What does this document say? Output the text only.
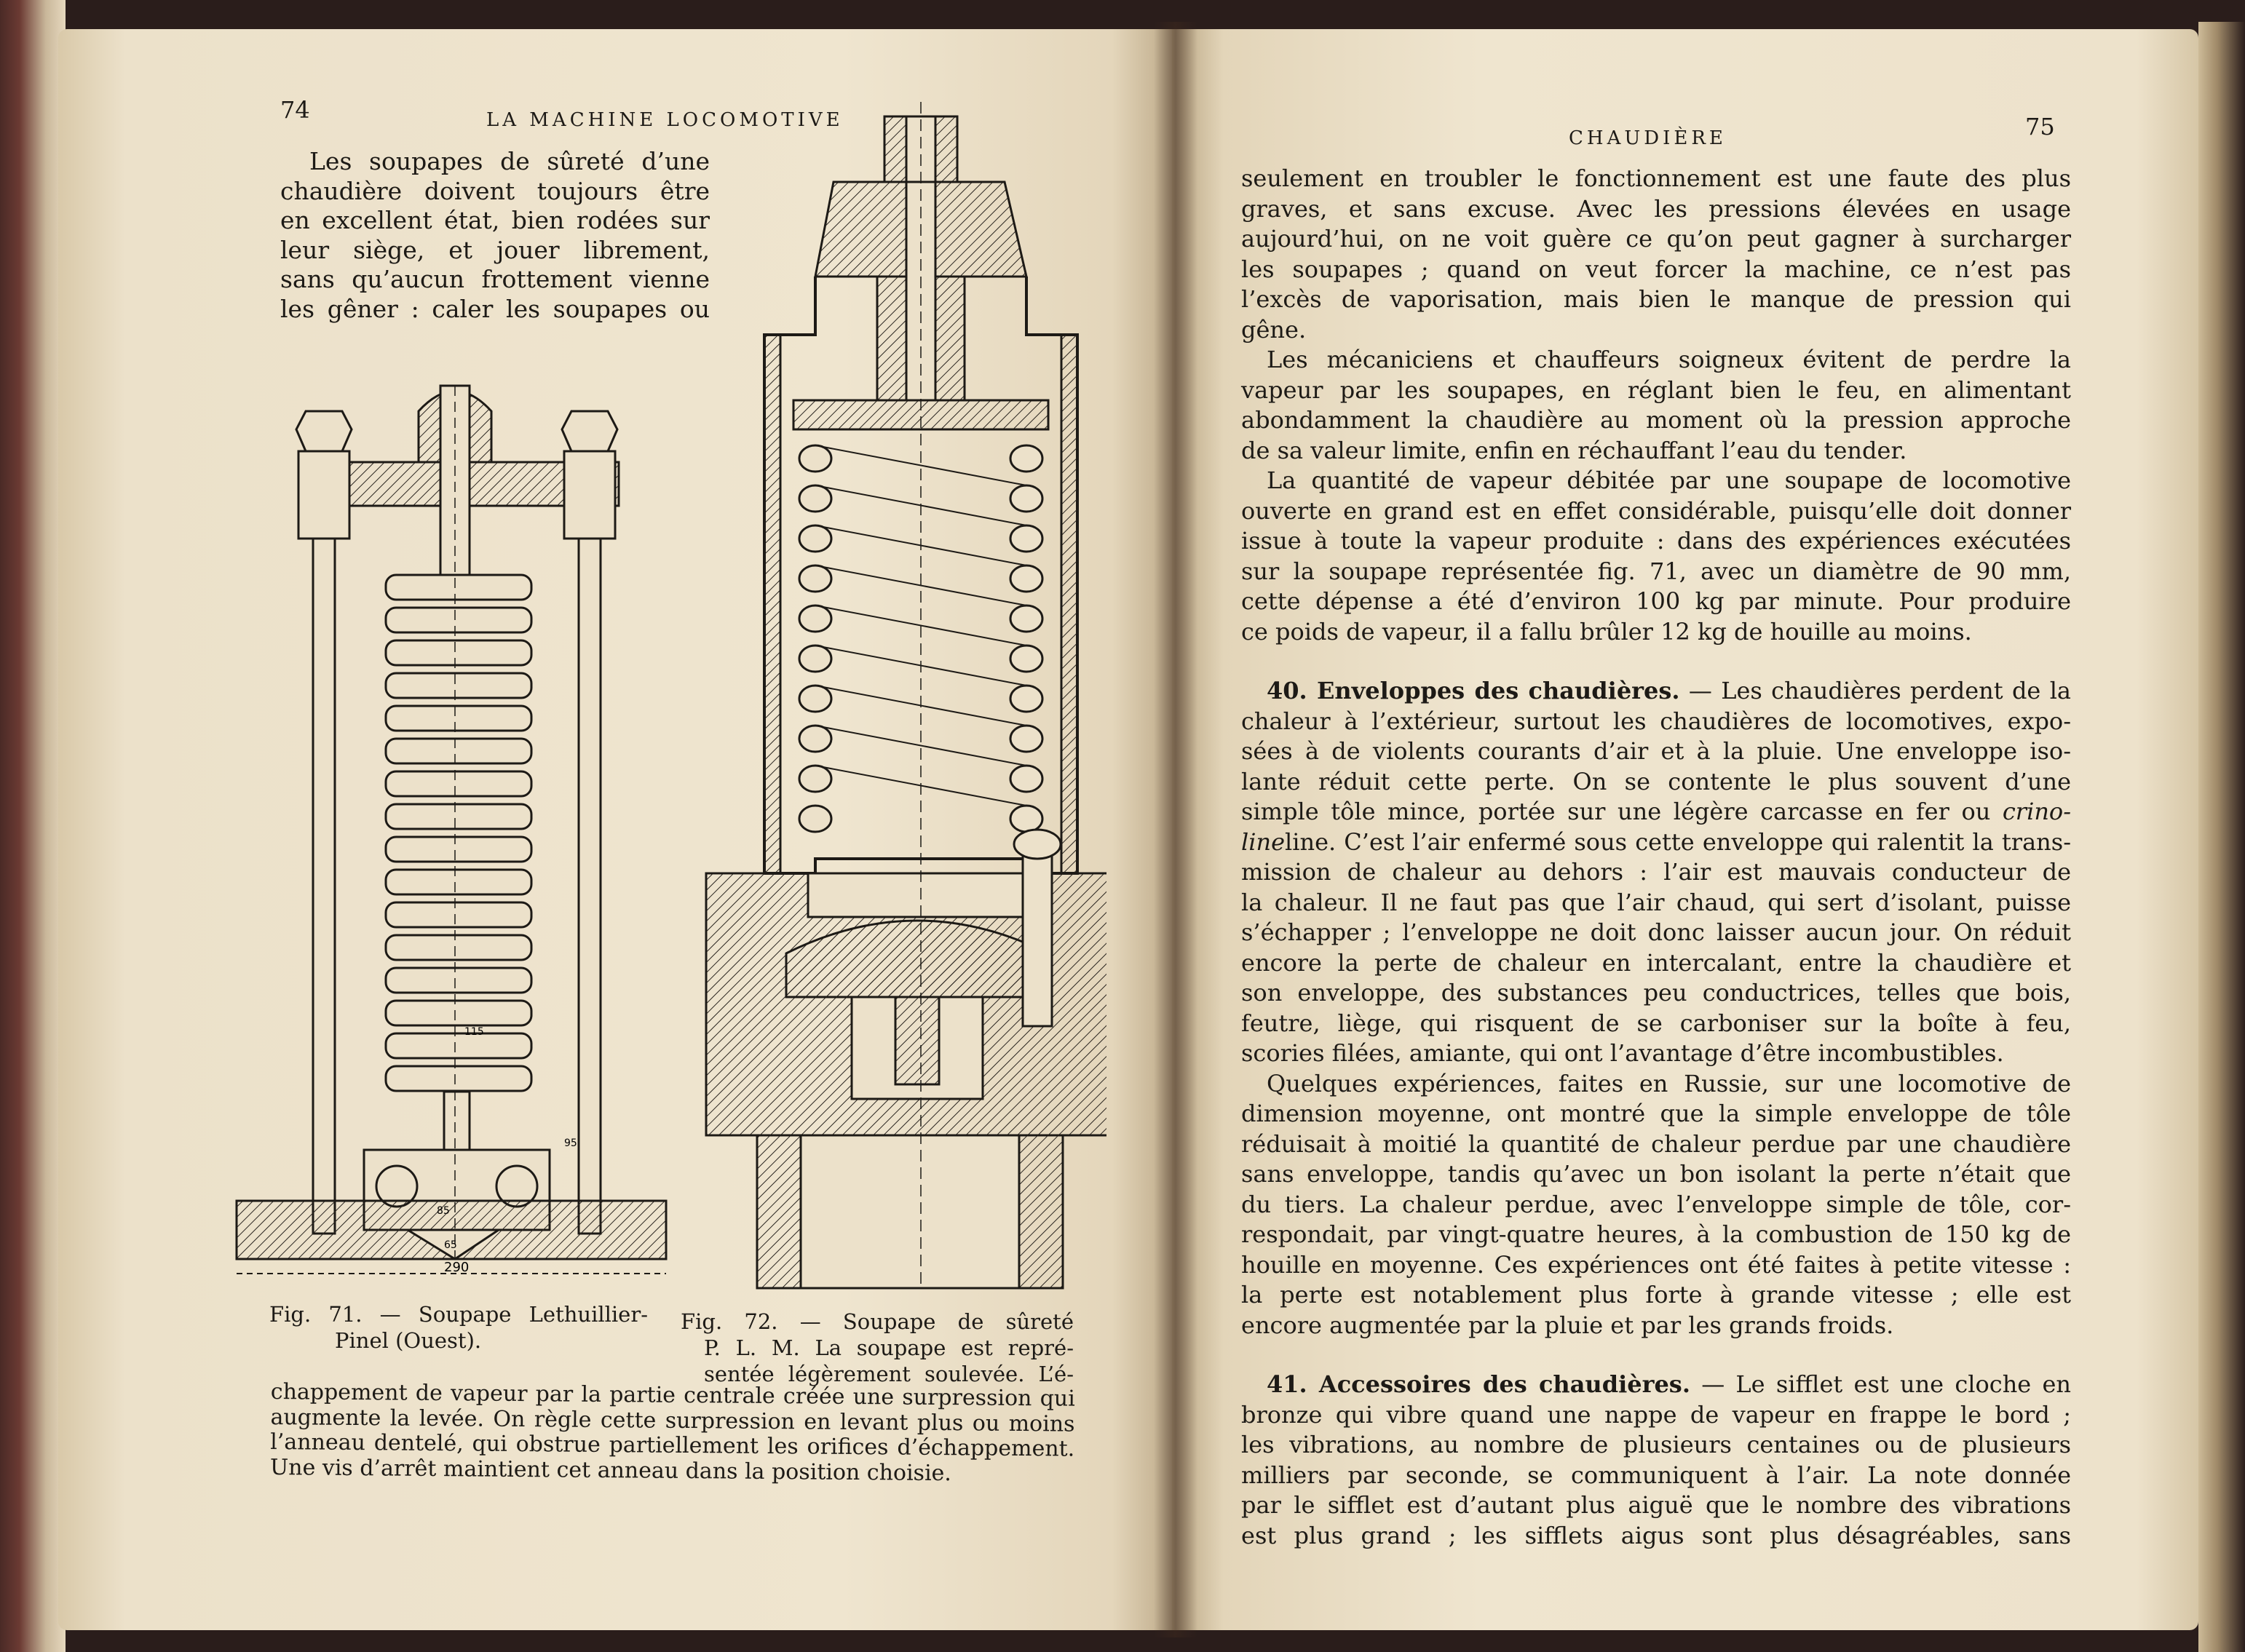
74	LA MACHINE LOCOMOTIVE
Les soupapes de sûreté d’une
chaudière doivent toujours être
en excellent état, bien rodées sur
leur siège, et jouer librement,
sans qu’aucun frottement vienne
les gêner : caler les soupapes ou
290
115
85
65
95
Fig. 71. — Soupape Lethuillier-
Pinel (Ouest).
Fig. 72. — Soupape de sûreté
P. L. M. La soupape est repré-
sentée légèrement soulevée. L’é-
chappement de vapeur par la partie centrale créée une surpression qui
augmente la levée. On règle cette surpression en levant plus ou moins
l’anneau dentelé, qui obstrue partiellement les orifices d’échappement.
Une vis d’arrêt maintient cet anneau dans la position choisie.
CHAUDIÈRE	75
seulement en troubler le fonctionnement est une faute des plus
graves, et sans excuse. Avec les pressions élevées en usage
aujourd’hui, on ne voit guère ce qu’on peut gagner à surcharger
les soupapes ; quand on veut forcer la machine, ce n’est pas
l’excès de vaporisation, mais bien le manque de pression qui
gêne.
Les mécaniciens et chauffeurs soigneux évitent de perdre la
vapeur par les soupapes, en réglant bien le feu, en alimentant
abondamment la chaudière au moment où la pression approche
de sa valeur limite, enfin en réchauffant l’eau du tender.
La quantité de vapeur débitée par une soupape de locomotive
ouverte en grand est en effet considérable, puisqu’elle doit donner
issue à toute la vapeur produite : dans des expériences exécutées
sur la soupape représentée fig. 71, avec un diamètre de 90 mm,
cette dépense a été d’environ 100 kg par minute. Pour produire
ce poids de vapeur, il a fallu brûler 12 kg de houille au moins.
40. Enveloppes des chaudières. — Les chaudières perdent de la
chaleur à l’extérieur, surtout les chaudières de locomotives, expo-
sées à de violents courants d’air et à la pluie. Une enveloppe iso-
lante réduit cette perte. On se contente le plus souvent d’une
simple tôle mince, portée sur une légère carcasse en fer ou crino-
lineline. C’est l’air enfermé sous cette enveloppe qui ralentit la trans-
mission de chaleur au dehors : l’air est mauvais conducteur de
la chaleur. Il ne faut pas que l’air chaud, qui sert d’isolant, puisse
s’échapper ; l’enveloppe ne doit donc laisser aucun jour. On réduit
encore la perte de chaleur en intercalant, entre la chaudière et
son enveloppe, des substances peu conductrices, telles que bois,
feutre, liège, qui risquent de se carboniser sur la boîte à feu,
scories filées, amiante, qui ont l’avantage d’être incombustibles.
Quelques expériences, faites en Russie, sur une locomotive de
dimension moyenne, ont montré que la simple enveloppe de tôle
réduisait à moitié la quantité de chaleur perdue par une chaudière
sans enveloppe, tandis qu’avec un bon isolant la perte n’était que
du tiers. La chaleur perdue, avec l’enveloppe simple de tôle, cor-
respondait, par vingt-quatre heures, à la combustion de 150 kg de
houille en moyenne. Ces expériences ont été faites à petite vitesse :
la perte est notablement plus forte à grande vitesse ; elle est
encore augmentée par la pluie et par les grands froids.
41. Accessoires des chaudières. — Le sifflet est une cloche en
bronze qui vibre quand une nappe de vapeur en frappe le bord ;
les vibrations, au nombre de plusieurs centaines ou de plusieurs
milliers par seconde, se communiquent à l’air. La note donnée
par le sifflet est d’autant plus aiguë que le nombre des vibrations
est plus grand ; les sifflets aigus sont plus désagréables, sans
